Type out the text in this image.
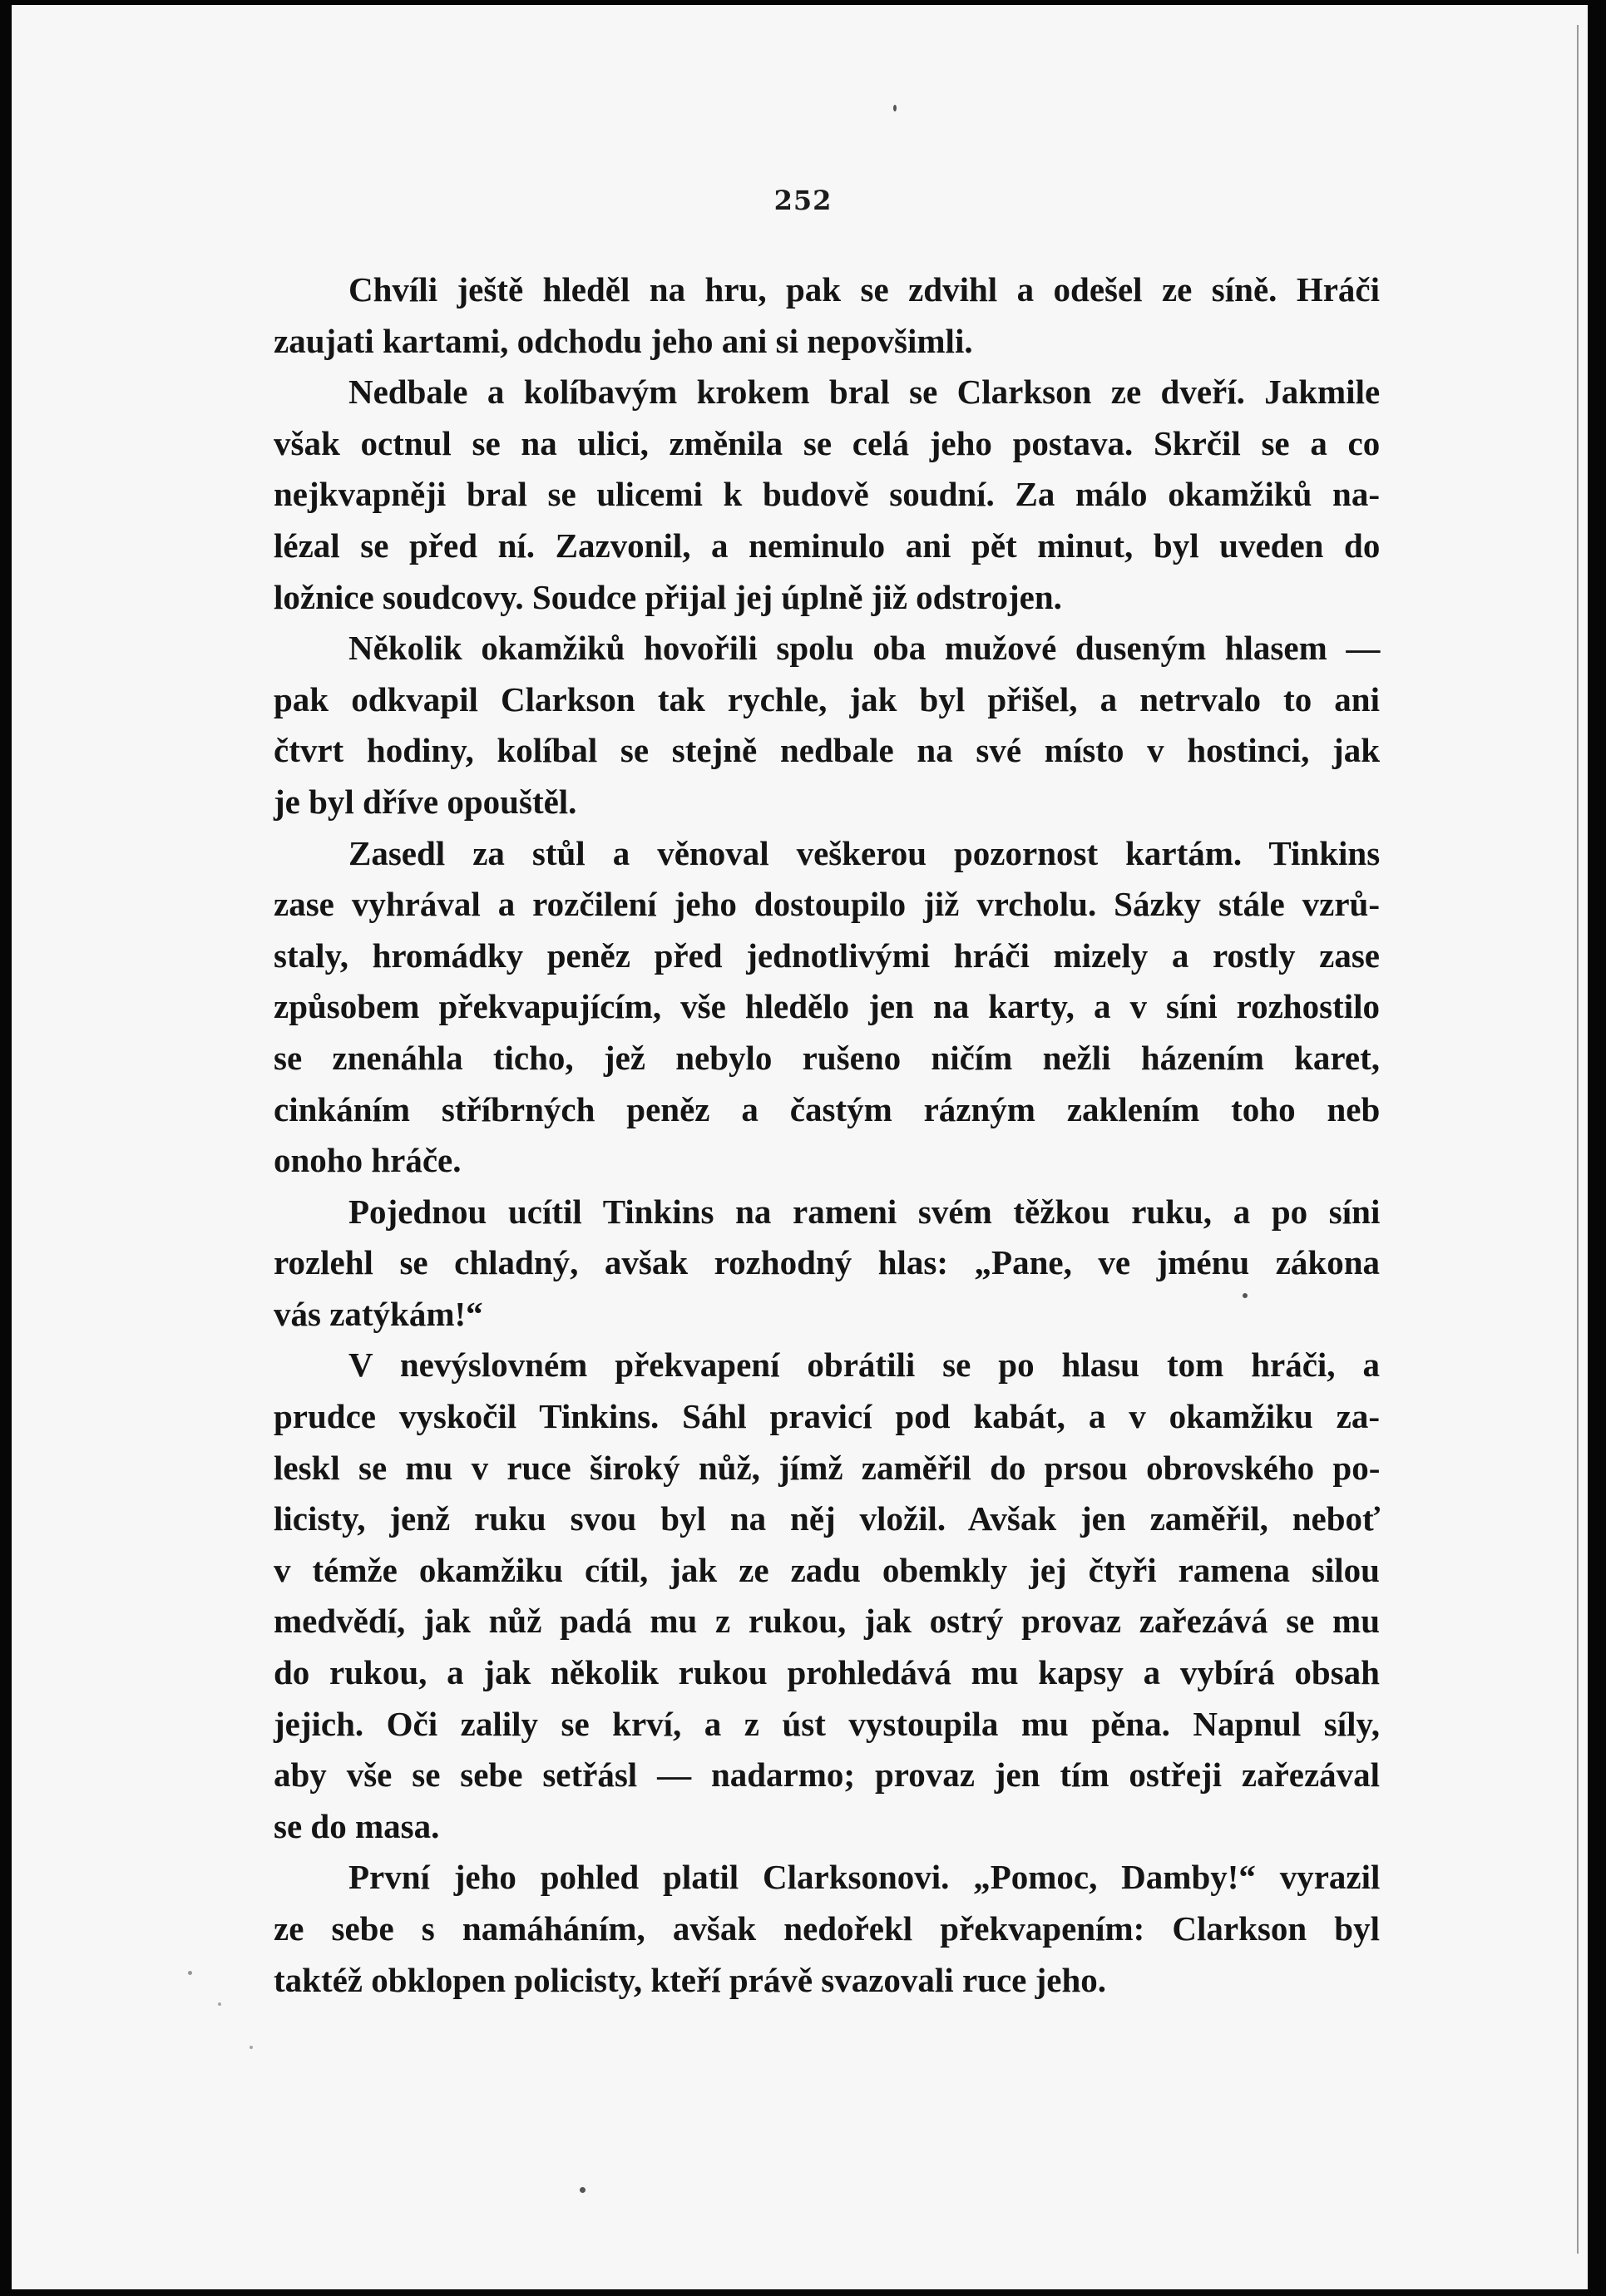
252

Chvíli ještě hleděl na hru, pak se zdvihl a odešel ze síně. Hráči
zaujati kartami, odchodu jeho ani si nepovšimli.

Nedbale a kolíbavým krokem bral se Clarkson ze dveří. Jakmile
však octnul se na ulici, změnila se celá jeho postava. Skrčil se a co
nejkvapněji bral se ulicemi k budově soudní. Za málo okamžiků na-
lézal se před ní. Zazvonil, a neminulo ani pět minut, byl uveden do
ložnice soudcovy. Soudce přijal jej úplně již odstrojen.

Několik okamžiků hovořili spolu oba mužové duseným hlasem —
pak odkvapil Clarkson tak rychle, jak byl přišel, a netrvalo to ani
čtvrt hodiny, kolíbal se stejně nedbale na své místo v hostinci, jak
je byl dříve opouštěl.

Zasedl za stůl a věnoval veškerou pozornost kartám. Tinkins
zase vyhrával a rozčilení jeho dostoupilo již vrcholu. Sázky stále vzrů-
staly, hromádky peněz před jednotlivými hráči mizely a rostly zase
způsobem překvapujícím, vše hledělo jen na karty, a v síni rozhostilo
se znenáhla ticho, jež nebylo rušeno ničím nežli házením karet,
cinkáním stříbrných peněz a častým rázným zaklením toho neb
onoho hráče.

Pojednou ucítil Tinkins na rameni svém těžkou ruku, a po síni
rozlehl se chladný, avšak rozhodný hlas: „Pane, ve jménu zákona
vás zatýkám!“

V nevýslovném překvapení obrátili se po hlasu tom hráči, a
prudce vyskočil Tinkins. Sáhl pravicí pod kabát, a v okamžiku za-
leskl se mu v ruce široký nůž, jímž zaměřil do prsou obrovského po-
licisty, jenž ruku svou byl na něj vložil. Avšak jen zaměřil, neboť
v témže okamžiku cítil, jak ze zadu obemkly jej čtyři ramena silou
medvědí, jak nůž padá mu z rukou, jak ostrý provaz zařezává se mu
do rukou, a jak několik rukou prohledává mu kapsy a vybírá obsah
jejich. Oči zalily se krví, a z úst vystoupila mu pěna. Napnul síly,
aby vše se sebe setřásl — nadarmo; provaz jen tím ostřeji zařezával
se do masa.

První jeho pohled platil Clarksonovi. „Pomoc, Damby!“ vyrazil
ze sebe s namáháním, avšak nedořekl překvapením: Clarkson byl
taktéž obklopen policisty, kteří právě svazovali ruce jeho.
